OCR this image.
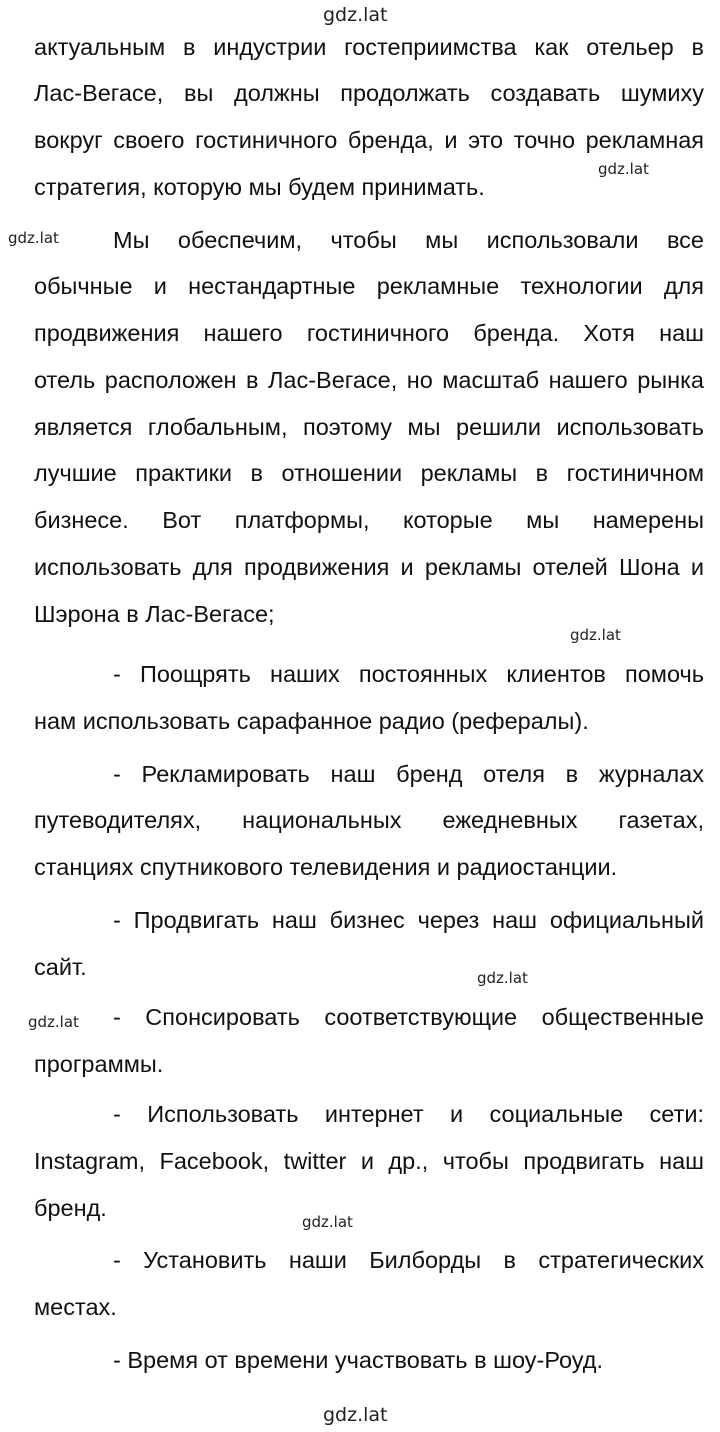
gdz.lat
gdz.lat
gdz.lat
gdz.lat
gdz.lat
gdz.lat
gdz.lat
gdz.lat
актуальным в индустрии гостеприимства как отельер в
Лас-Вегасе, вы должны продолжать создавать шумиху
вокруг своего гостиничного бренда, и это точно рекламная
стратегия, которую мы будем принимать.
Мы обеспечим, чтобы мы использовали все
обычные и нестандартные рекламные технологии для
продвижения нашего гостиничного бренда. Хотя наш
отель расположен в Лас-Вегасе, но масштаб нашего рынка
является глобальным, поэтому мы решили использовать
лучшие практики в отношении рекламы в гостиничном
бизнесе. Вот платформы, которые мы намерены
использовать для продвижения и рекламы отелей Шона и
Шэрона в Лас-Вегасе;
- Поощрять наших постоянных клиентов помочь
нам использовать сарафанное радио (рефералы).
- Рекламировать наш бренд отеля в журналах
путеводителях, национальных ежедневных газетах,
станциях спутникового телевидения и радиостанции.
- Продвигать наш бизнес через наш официальный
сайт.
- Спонсировать соответствующие общественные
программы.
- Использовать интернет и социальные сети:
Instagram, Facebook, twitter и др., чтобы продвигать наш
бренд.
- Установить наши Билборды в стратегических
местах.
- Время от времени участвовать в шоу-Роуд.
